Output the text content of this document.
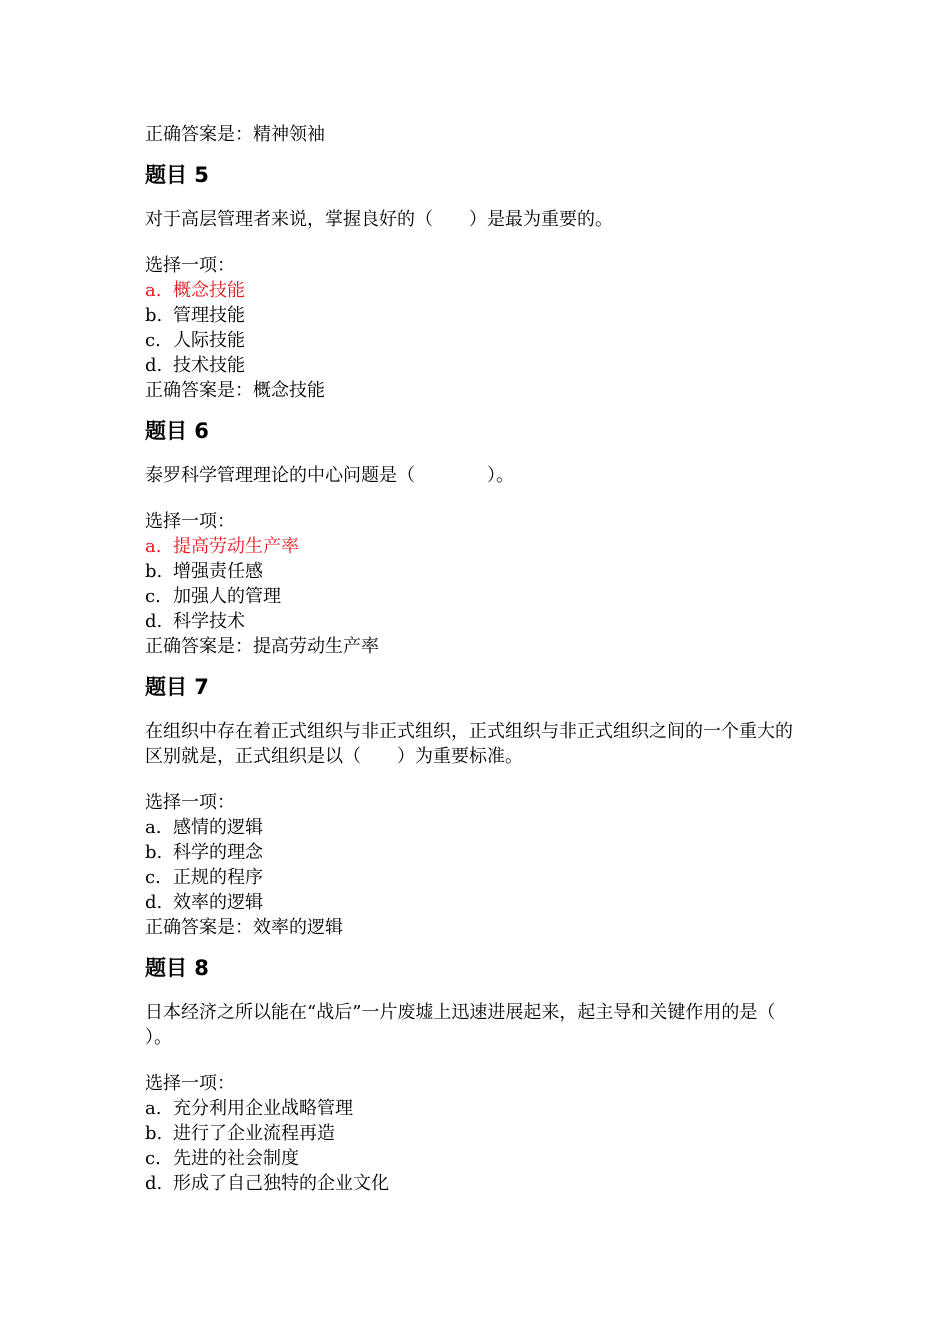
正确答案是：精神领袖
题目 5
对于高层管理者来说，掌握良好的（　　）是最为重要的。
选择一项：
a. 概念技能
b. 管理技能
c. 人际技能
d. 技术技能
正确答案是：概念技能
题目 6
泰罗科学管理理论的中心问题是（　　　　）。
选择一项：
a. 提高劳动生产率
b. 增强责任感
c. 加强人的管理
d. 科学技术
正确答案是：提高劳动生产率
题目 7
在组织中存在着正式组织与非正式组织，正式组织与非正式组织之间的一个重大的区别就是，正式组织是以（　　）为重要标准。
选择一项：
a. 感情的逻辑
b. 科学的理念
c. 正规的程序
d. 效率的逻辑
正确答案是：效率的逻辑
题目 8
日本经济之所以能在“战后”一片废墟上迅速进展起来，起主导和关键作用的是（ ）。
选择一项：
a. 充分利用企业战略管理
b. 进行了企业流程再造
c. 先进的社会制度
d. 形成了自己独特的企业文化
